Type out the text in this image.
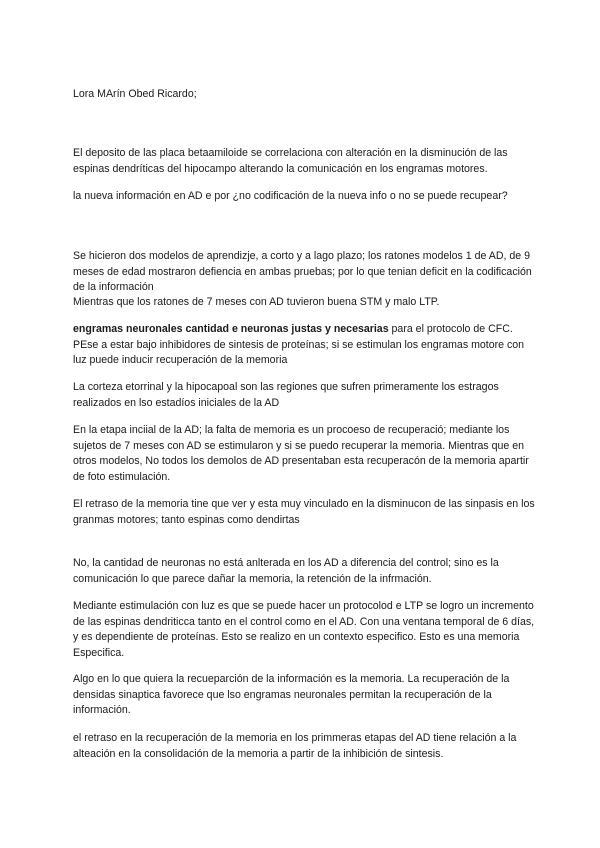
Lora MArín Obed Ricardo;

El deposito de las placa betaamiloide se correlaciona con alteración en la disminución de las espinas dendríticas del hipocampo alterando la comunicación en los engramas motores.

la nueva información en AD e por ¿no codificación de la nueva info o no se puede recupear?

Se hicieron dos modelos de aprendizje, a corto y a lago plazo; los ratones modelos 1 de AD, de 9 meses de edad mostraron defiencia en ambas pruebas; por lo que tenian deficit en la codificación de la información

Mientras que los ratones de 7 meses con AD tuvieron buena STM y malo LTP.

engramas neuronales cantidad e neuronas justas y necesarias para el protocolo de CFC. PEse a estar bajo inhibidores de sintesis de proteínas; si se estimulan los engramas motore con luz puede inducir recuperación de la memoria

La corteza etorrinal y la hipocapoal son las regiones que sufren primeramente los estragos realizados en lso estadíos iniciales de la AD

En la etapa inciial de la AD; la falta de memoria es un procoeso de recuperació; mediante los sujetos de 7 meses con AD se estimularon y si se puedo recuperar la memoria. Mientras que en otros modelos, No todos los demolos de AD presentaban esta recuperacón de la memoria apartir de foto estimulación.

El retraso de la memoria tine que ver y esta muy vinculado en la disminucon de las sinpasis en los granmas motores; tanto espinas como dendirtas

No, la cantidad de neuronas no está anlterada en los AD a diferencia del control; sino es la comunicación lo que parece dañar la memoria, la retención de la infrmación.

Mediante estimulación con luz es que se puede hacer un protocolod e LTP se logro un incremento de las espinas dendriticca tanto en el control como en el AD. Con una ventana temporal de 6 días, y es dependiente de proteínas. Esto se realizo en un contexto especifico. Esto es una memoria Especifica.

Algo en lo que quiera la recueparción de la información es la memoria. La recuperación de la densidas sinaptica favorece que lso engramas neuronales permitan la recuperación de la información.

el retraso en la recuperación de la memoria en los primmeras etapas del AD tiene relación a la alteación en la consolidación de la memoria a partir de la inhibición de sintesis.
